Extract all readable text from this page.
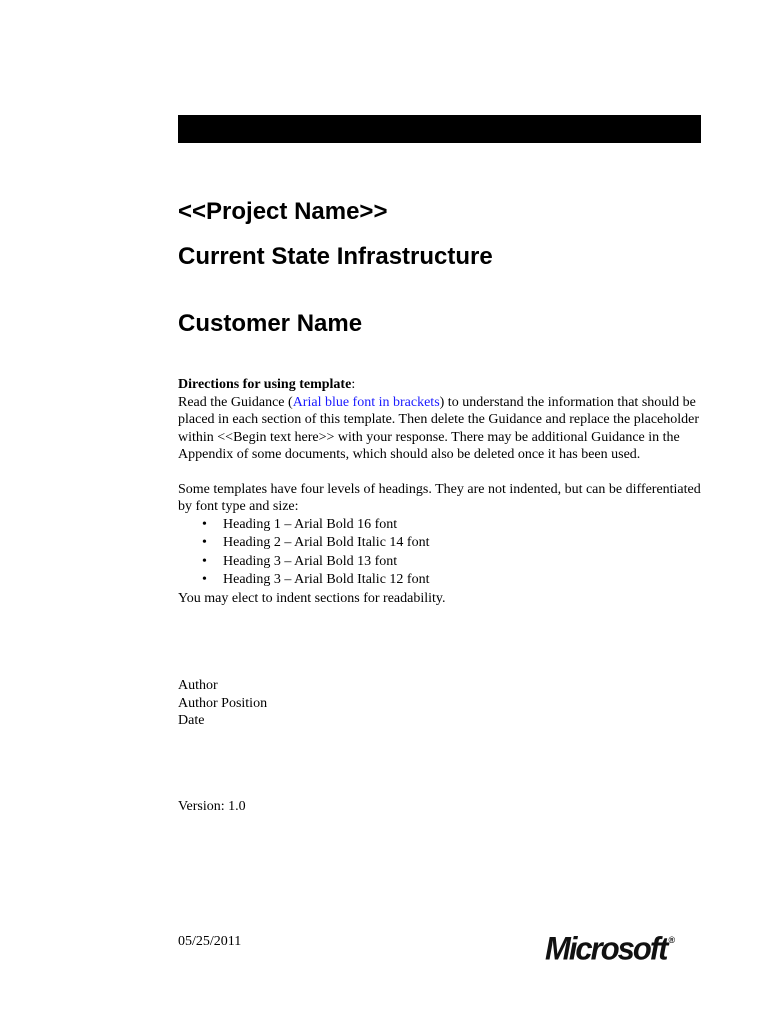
<<Project Name>>
Current State Infrastructure
Customer Name

Directions for using template:

Read the Guidance (Arial blue font in brackets) to understand the information that should be placed in each section of this template. Then delete the Guidance and replace the placeholder within <<Begin text here>> with your response. There may be additional Guidance in the Appendix of some documents, which should also be deleted once it has been used.

Some templates have four levels of headings. They are not indented, but can be differentiated by font type and size:

• Heading 1 – Arial Bold 16 font
• Heading 2 – Arial Bold Italic 14 font
• Heading 3 – Arial Bold 13 font
• Heading 3 – Arial Bold Italic 12 font

You may elect to indent sections for readability.

Author
Author Position
Date
Version: 1.0
05/25/2011	Microsoft ®
